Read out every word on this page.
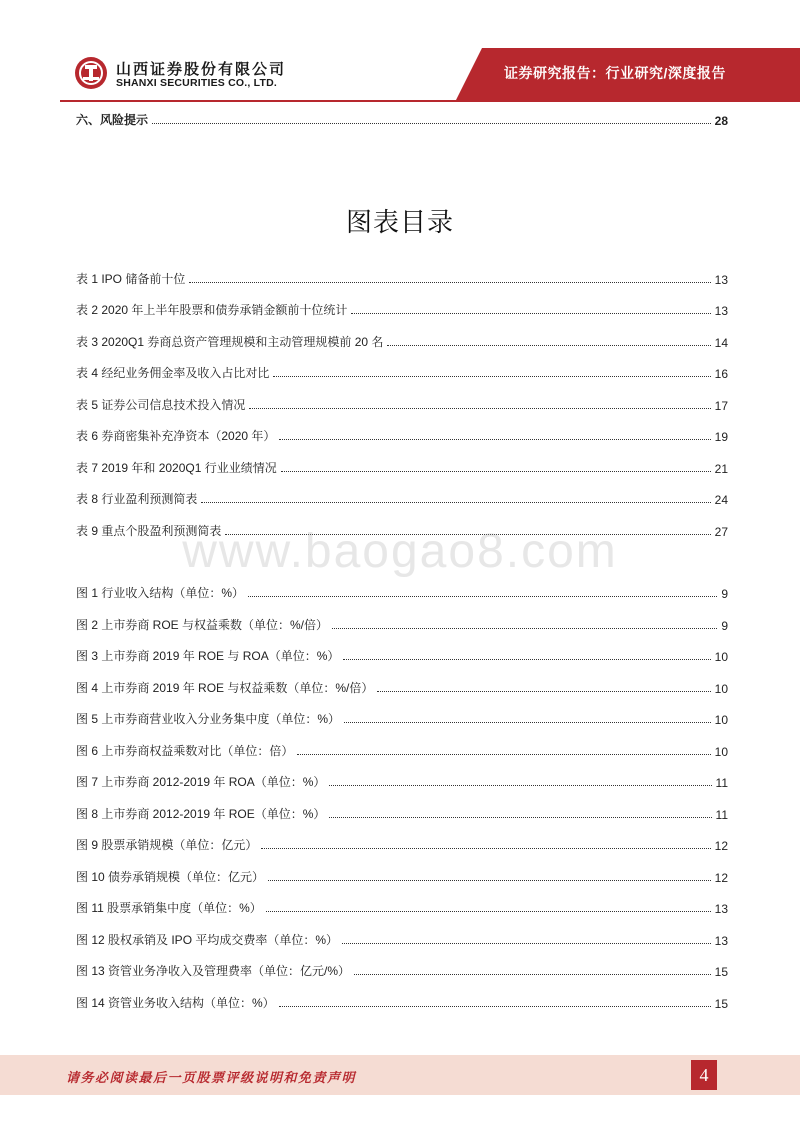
山西证券股份有限公司
SHANXI SECURITIES CO., LTD.
证券研究报告：行业研究/深度报告
六、风险提示	28
图表目录
表 1 IPO 储备前十位	13
表 2 2020 年上半年股票和债券承销金额前十位统计	13
表 3 2020Q1 券商总资产管理规模和主动管理规模前 20 名	14
表 4 经纪业务佣金率及收入占比对比	16
表 5 证券公司信息技术投入情况	17
表 6 券商密集补充净资本（2020 年）	19
表 7 2019 年和 2020Q1 行业业绩情况	21
表 8 行业盈利预测简表	24
表 9 重点个股盈利预测简表	27
www.baogao8.com
图 1 行业收入结构（单位：%）	9
图 2 上市券商 ROE 与权益乘数（单位：%/倍）	9
图 3 上市券商 2019 年 ROE 与 ROA（单位：%）	10
图 4 上市券商 2019 年 ROE 与权益乘数（单位：%/倍）	10
图 5 上市券商营业收入分业务集中度（单位：%）	10
图 6 上市券商权益乘数对比（单位：倍）	10
图 7 上市券商 2012-2019 年 ROA（单位：%）	11
图 8 上市券商 2012-2019 年 ROE（单位：%）	11
图 9 股票承销规模（单位：亿元）	12
图 10 债券承销规模（单位：亿元）	12
图 11 股票承销集中度（单位：%）	13
图 12 股权承销及 IPO 平均成交费率（单位：%）	13
图 13 资管业务净收入及管理费率（单位：亿元/%）	15
图 14 资管业务收入结构（单位：%）	15
请务必阅读最后一页股票评级说明和免责声明	4
